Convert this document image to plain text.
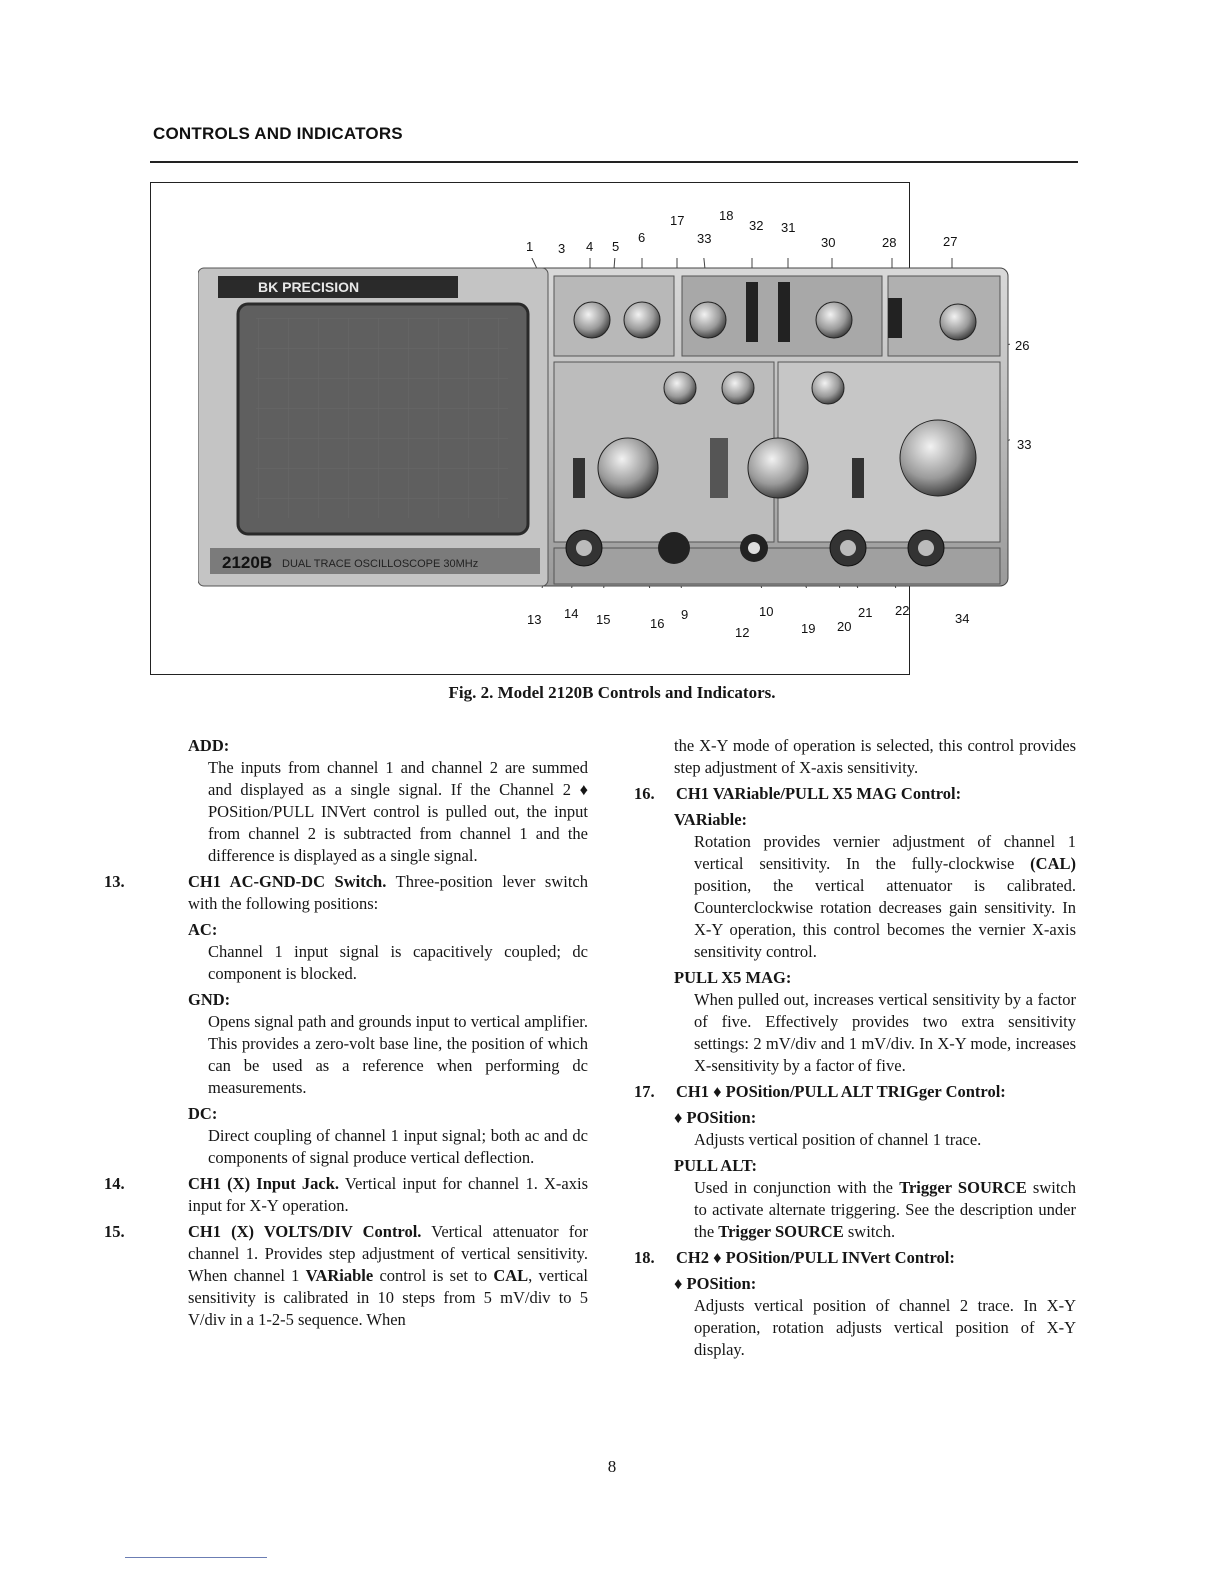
CONTROLS AND INDICATORS
1 3 4 5
6
17	18
33
32 31
30	28	27
26
33
13 14 15	16
9	10
12	19 20
21 22
34
BK PRECISION
2120B DUAL TRACE OSCILLOSCOPE 30MHz
Fig. 2. Model 2120B Controls and Indicators.

ADD:

The inputs from channel 1 and channel 2 are summed and displayed as a single signal. If the Channel 2 ♦ POSition/PULL INVert control is pulled out, the input from channel 2 is subtracted from channel 1 and the difference is displayed as a single signal.

13.	CH1 AC-GND-DC Switch. Three-position lever switch with the following positions:

AC:

Channel 1 input signal is capacitively coupled; dc component is blocked.

GND:

Opens signal path and grounds input to vertical amplifier. This provides a zero-volt base line, the position of which can be used as a reference when performing dc measurements.

DC:

Direct coupling of channel 1 input signal; both ac and dc components of signal produce vertical deflection.

14.	CH1 (X) Input Jack. Vertical input for channel 1. X-axis input for X-Y operation.

15.	CH1 (X) VOLTS/DIV Control. Vertical attenuator for channel 1. Provides step adjustment of vertical sensitivity. When channel 1 VARiable control is set to CAL, vertical sensitivity is calibrated in 10 steps from 5 mV/div to 5 V/div in a 1-2-5 sequence. When

the X-Y mode of operation is selected, this control provides step adjustment of X-axis sensitivity.

16. CH1 VARiable/PULL X5 MAG Control:

VARiable:

Rotation provides vernier adjustment of channel 1 vertical sensitivity. In the fully-clockwise (CAL) position, the vertical attenuator is calibrated. Counterclockwise rotation decreases gain sensitivity. In X-Y operation, this control becomes the vernier X-axis sensitivity control.

PULL X5 MAG:

When pulled out, increases vertical sensitivity by a factor of five. Effectively provides two extra sensitivity settings: 2 mV/div and 1 mV/div. In X-Y mode, increases X-sensitivity by a factor of five.

17. CH1 ♦ POSition/PULL ALT TRIGger Control:

♦ POSition:

Adjusts vertical position of channel 1 trace.

PULL ALT:

Used in conjunction with the Trigger SOURCE switch to activate alternate triggering. See the description under the Trigger SOURCE switch.

18. CH2 ♦ POSition/PULL INVert Control:

♦ POSition:

Adjusts vertical position of channel 2 trace. In X-Y operation, rotation adjusts vertical position of X-Y display.

8
